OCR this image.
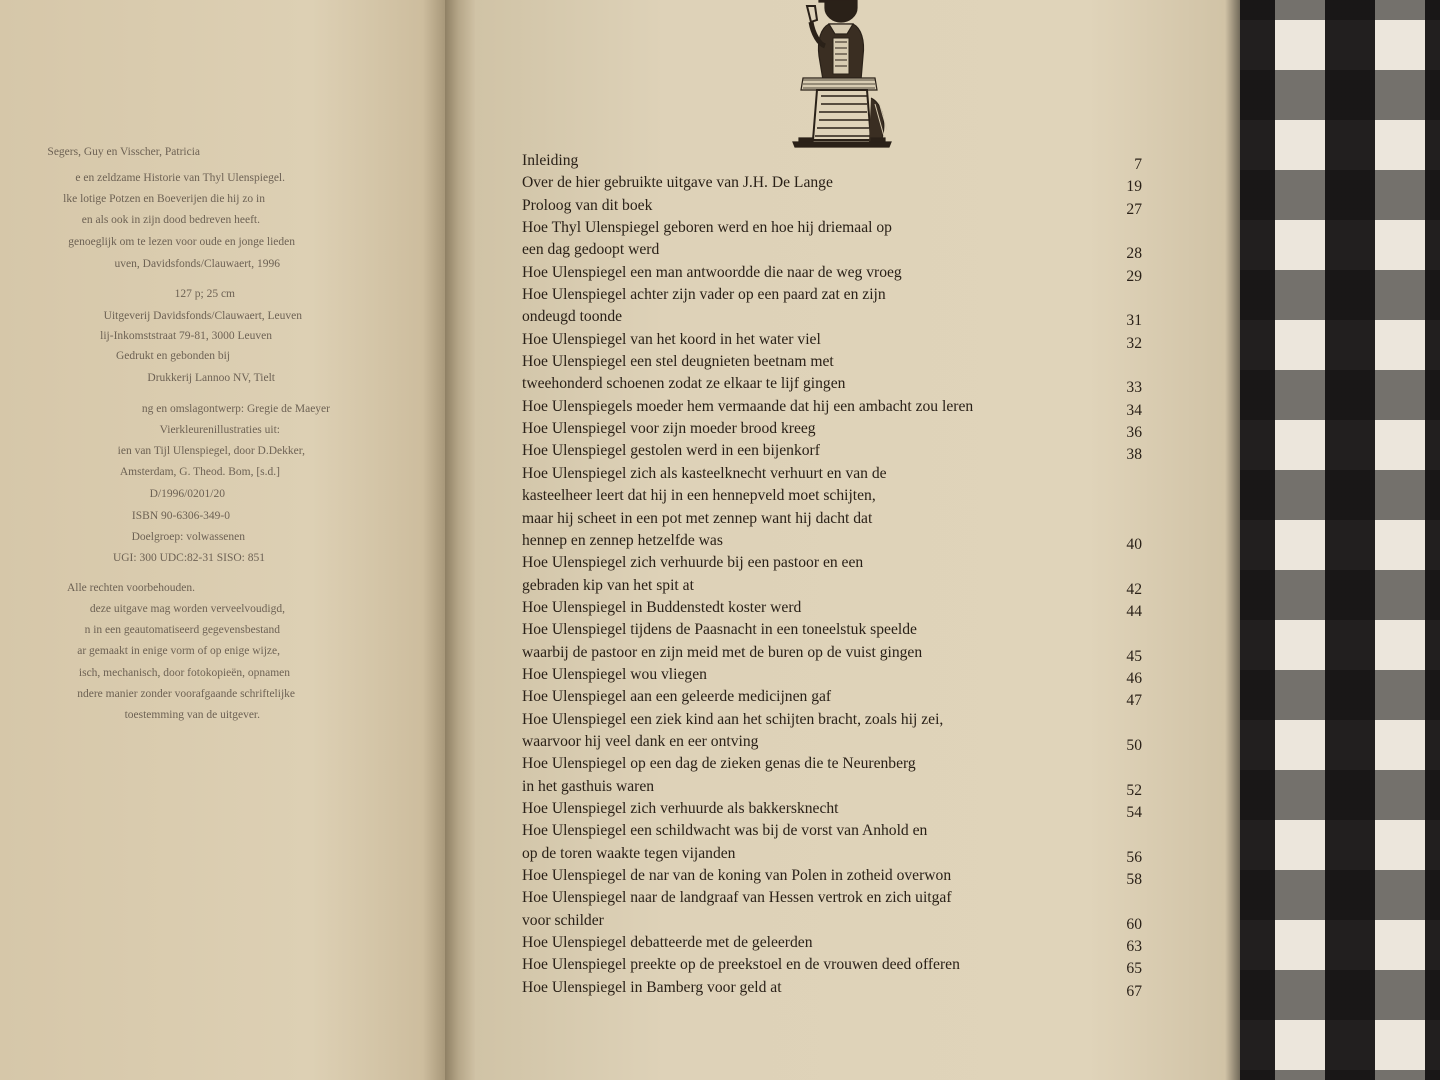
Segers, Guy en Visscher, Patricia
e en zeldzame Historie van Thyl Ulenspiegel.
lke lotige Potzen en Boeverijen die hij zo in
en als ook in zijn dood bedreven heeft.
genoeglijk om te lezen voor oude en jonge lieden
uven, Davidsfonds/Clauwaert, 1996
127 p; 25 cm
Uitgeverij Davidsfonds/Clauwaert, Leuven
lij-Inkomststraat 79-81, 3000 Leuven
Gedrukt en gebonden bij
Drukkerij Lannoo NV, Tielt
ng en omslagontwerp: Gregie de Maeyer
Vierkleurenillustraties uit:
ien van Tijl Ulenspiegel, door D.Dekker,
Amsterdam, G. Theod. Bom, [s.d.]
D/1996/0201/20
ISBN 90-6306-349-0
Doelgroep: volwassenen
UGI: 300 UDC:82-31 SISO: 851
Alle rechten voorbehouden.
deze uitgave mag worden verveelvoudigd,
n in een geautomatiseerd gegevensbestand
ar gemaakt in enige vorm of op enige wijze,
isch, mechanisch, door fotokopieën, opnamen
ndere manier zonder voorafgaande schriftelijke
toestemming van de uitgever.
Inleiding	7
Over de hier gebruikte uitgave van J.H. De Lange	19
Proloog van dit boek	27
Hoe Thyl Ulenspiegel geboren werd en hoe hij driemaal op
een dag gedoopt werd	28
Hoe Ulenspiegel een man antwoordde die naar de weg vroeg	29
Hoe Ulenspiegel achter zijn vader op een paard zat en zijn
ondeugd toonde	31
Hoe Ulenspiegel van het koord in het water viel	32
Hoe Ulenspiegel een stel deugnieten beetnam met
tweehonderd schoenen zodat ze elkaar te lijf gingen	33
Hoe Ulenspiegels moeder hem vermaande dat hij een ambacht zou leren	34
Hoe Ulenspiegel voor zijn moeder brood kreeg	36
Hoe Ulenspiegel gestolen werd in een bijenkorf	38
Hoe Ulenspiegel zich als kasteelknecht verhuurt en van de
kasteelheer leert dat hij in een hennepveld moet schijten,
maar hij scheet in een pot met zennep want hij dacht dat
hennep en zennep hetzelfde was	40
Hoe Ulenspiegel zich verhuurde bij een pastoor en een
gebraden kip van het spit at	42
Hoe Ulenspiegel in Buddenstedt koster werd	44
Hoe Ulenspiegel tijdens de Paasnacht in een toneelstuk speelde
waarbij de pastoor en zijn meid met de buren op de vuist gingen	45
Hoe Ulenspiegel wou vliegen	46
Hoe Ulenspiegel aan een geleerde medicijnen gaf	47
Hoe Ulenspiegel een ziek kind aan het schijten bracht, zoals hij zei,
waarvoor hij veel dank en eer ontving	50
Hoe Ulenspiegel op een dag de zieken genas die te Neurenberg
in het gasthuis waren	52
Hoe Ulenspiegel zich verhuurde als bakkersknecht	54
Hoe Ulenspiegel een schildwacht was bij de vorst van Anhold en
op de toren waakte tegen vijanden	56
Hoe Ulenspiegel de nar van de koning van Polen in zotheid overwon	58
Hoe Ulenspiegel naar de landgraaf van Hessen vertrok en zich uitgaf
voor schilder	60
Hoe Ulenspiegel debatteerde met de geleerden	63
Hoe Ulenspiegel preekte op de preekstoel en de vrouwen deed offeren	65
Hoe Ulenspiegel in Bamberg voor geld at	67
